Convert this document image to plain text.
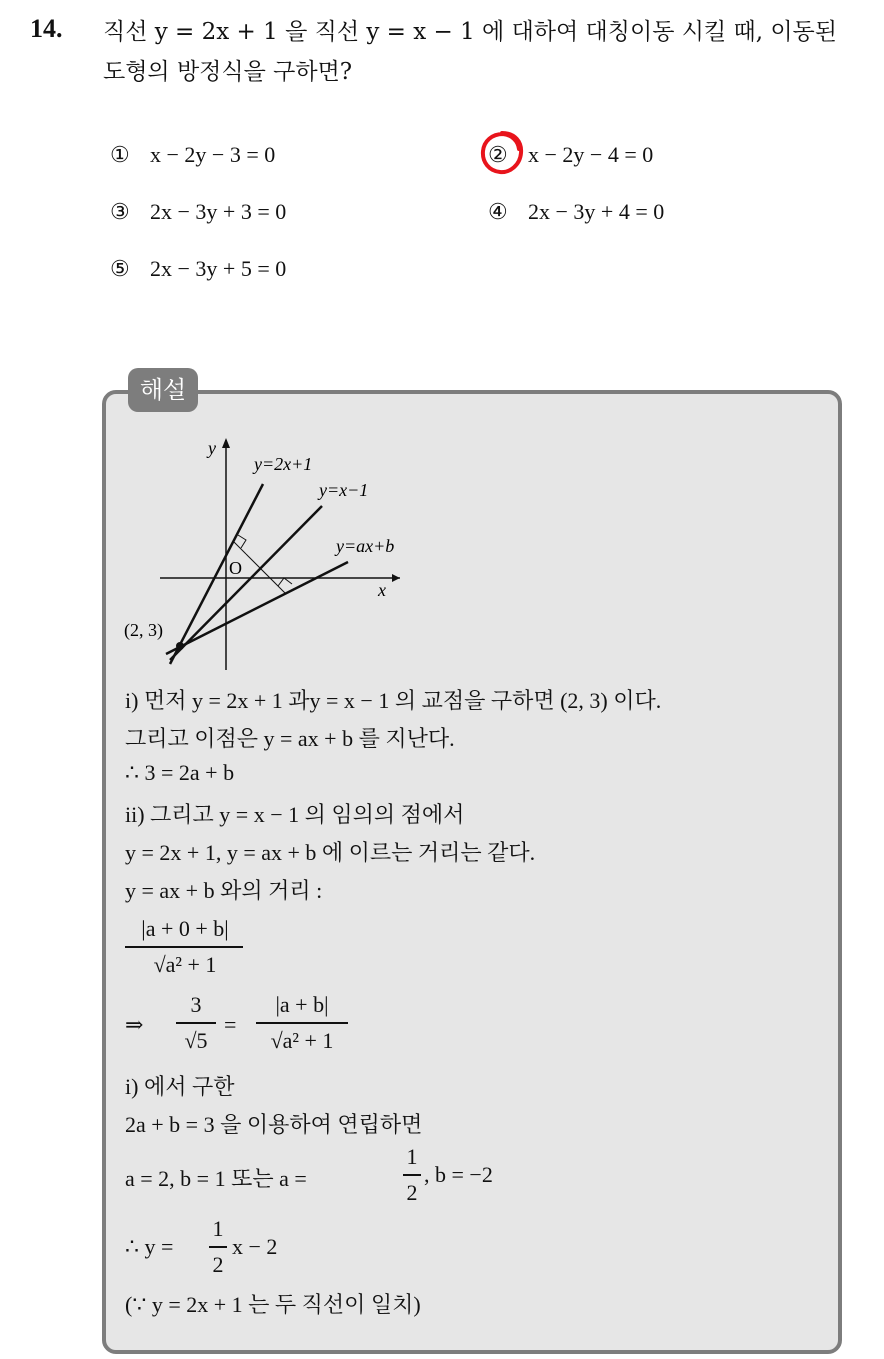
14. 직선 y = 2x + 1 을 직선 y = x − 1 에 대하여 대칭이동 시킬 때, 이동된
도형의 방정식을 구하면?
① x − 2y − 3 = 0	② x − 2y − 4 = 0
③ 2x − 3y + 3 = 0	④ 2x − 3y + 4 = 0
⑤ 2x − 3y + 5 = 0
해설
y
x
O
y=2x+1
y=x−1
y=ax+b
(2, 3)
i) 먼저 y = 2x + 1 과y = x − 1 의 교점을 구하면 (2, 3) 이다.
그리고 이점은 y = ax + b 를 지난다.
∴ 3 = 2a + b
ii) 그리고 y = x − 1 의 임의의 점에서
y = 2x + 1, y = ax + b 에 이르는 거리는 같다.
y = ax + b 와의 거리 :
|a + 0 + b|
√a² + 1
⇒
3
√5
=
|a + b|
√a² + 1
i) 에서 구한
2a + b = 3 을 이용하여 연립하면
a = 2, b = 1 또는 a =
1
2
, b = −2
∴ y =
1
2
x − 2
(∵ y = 2x + 1 는 두 직선이 일치)
